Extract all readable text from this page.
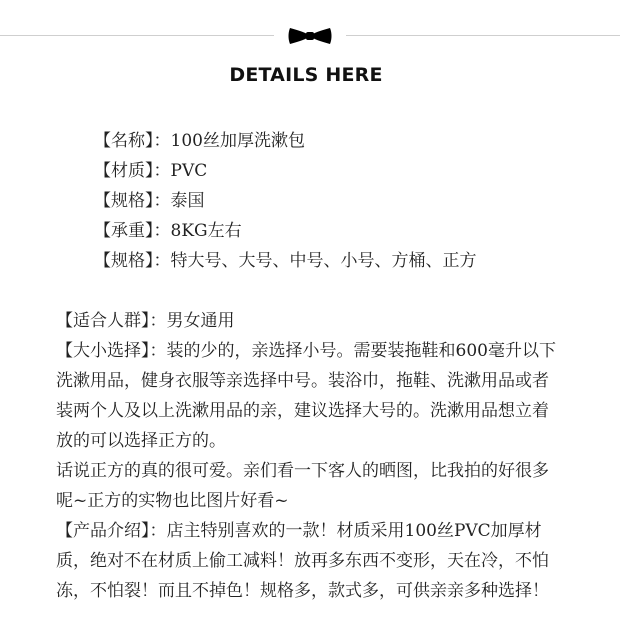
DETAILS HERE
【名称】：100丝加厚洗漱包
【材质】：PVC
【规格】：泰国
【承重】：8KG左右
【规格】：特大号、大号、中号、小号、方桶、正方

【适合人群】：男女通用

【大小选择】：装的少的，亲选择小号。需要装拖鞋和600毫升以下洗漱用品，健身衣服等亲选择中号。装浴巾，拖鞋、洗漱用品或者装两个人及以上洗漱用品的亲，建议选择大号的。洗漱用品想立着放的可以选择正方的。

话说正方的真的很可爱。亲们看一下客人的晒图，比我拍的好很多呢~正方的实物也比图片好看~

【产品介绍】：店主特别喜欢的一款！材质采用100丝PVC加厚材质，绝对不在材质上偷工减料！放再多东西不变形，天在冷，不怕冻，不怕裂！而且不掉色！规格多，款式多，可供亲亲多种选择！
